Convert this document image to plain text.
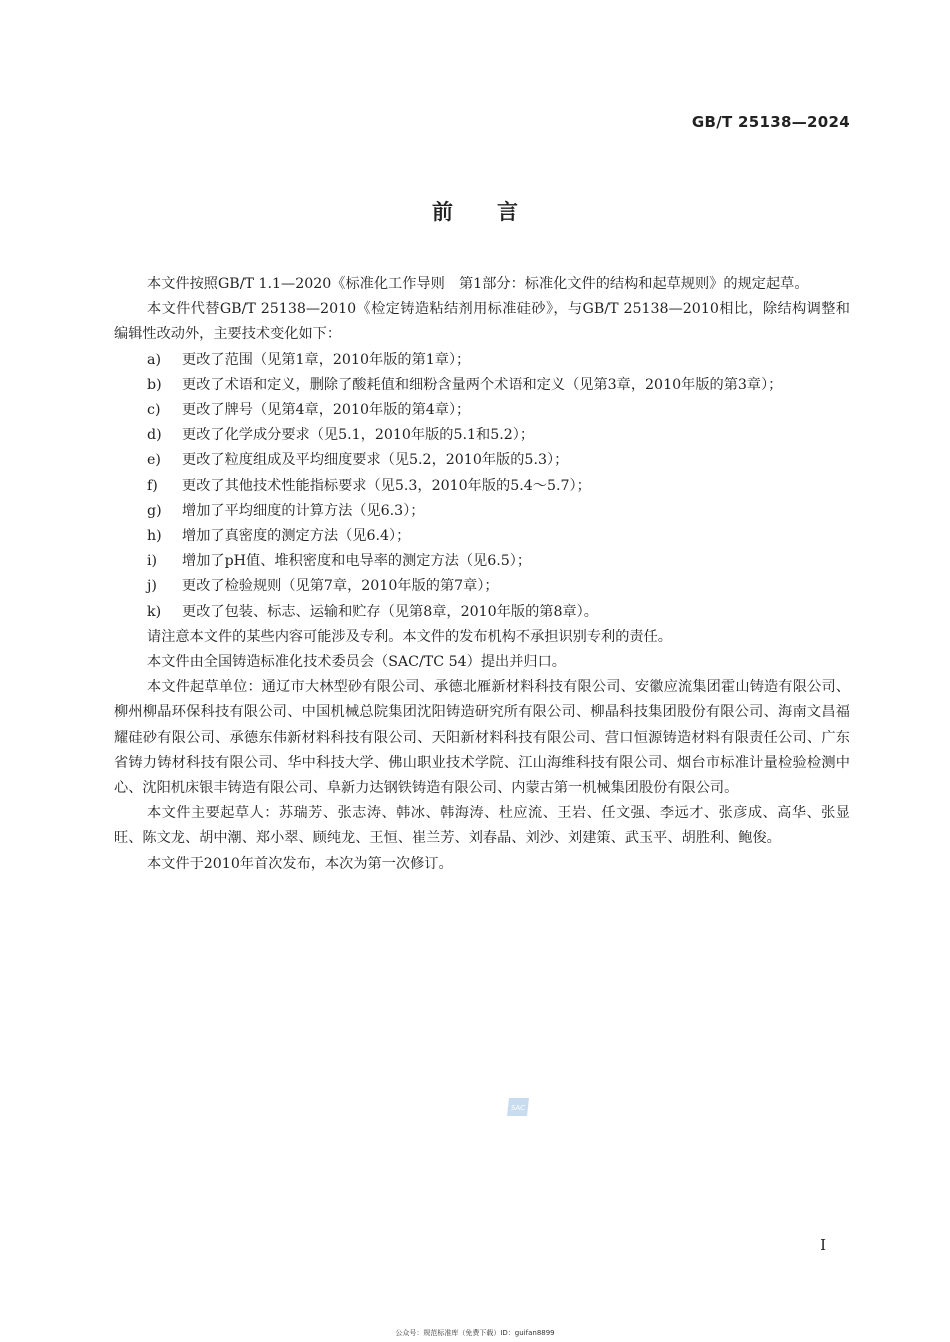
GB/T 25138—2024
前言

本文件按照GB/T 1.1—2020《标准化工作导则　第1部分：标准化文件的结构和起草规则》的规定起草。

本文件代替GB/T 25138—2010《检定铸造粘结剂用标准硅砂》，与GB/T 25138—2010相比，除结构调整和编辑性改动外，主要技术变化如下：

a)	更改了范围（见第1章，2010年版的第1章）；
b)	更改了术语和定义，删除了酸耗值和细粉含量两个术语和定义（见第3章，2010年版的第3章）；
c)	更改了牌号（见第4章，2010年版的第4章）；
d)	更改了化学成分要求（见5.1，2010年版的5.1和5.2）；
e)	更改了粒度组成及平均细度要求（见5.2，2010年版的5.3）；
f)	更改了其他技术性能指标要求（见5.3，2010年版的5.4～5.7）；
g)	增加了平均细度的计算方法（见6.3）；
h)	增加了真密度的测定方法（见6.4）；
i)	增加了pH值、堆积密度和电导率的测定方法（见6.5）；
j)	更改了检验规则（见第7章，2010年版的第7章）；
k)	更改了包装、标志、运输和贮存（见第8章，2010年版的第8章）。

请注意本文件的某些内容可能涉及专利。本文件的发布机构不承担识别专利的责任。

本文件由全国铸造标准化技术委员会（SAC/TC 54）提出并归口。

本文件起草单位：通辽市大林型砂有限公司、承德北雁新材料科技有限公司、安徽应流集团霍山铸造有限公司、柳州柳晶环保科技有限公司、中国机械总院集团沈阳铸造研究所有限公司、柳晶科技集团股份有限公司、海南文昌福耀硅砂有限公司、承德东伟新材料科技有限公司、天阳新材料科技有限公司、营口恒源铸造材料有限责任公司、广东省铸力铸材科技有限公司、华中科技大学、佛山职业技术学院、江山海维科技有限公司、烟台市标准计量检验检测中心、沈阳机床银丰铸造有限公司、阜新力达钢铁铸造有限公司、内蒙古第一机械集团股份有限公司。

本文件主要起草人：苏瑞芳、张志涛、韩冰、韩海涛、杜应流、王岩、任文强、李远才、张彦成、高华、张显旺、陈文龙、胡中潮、郑小翠、顾纯龙、王恒、崔兰芳、刘春晶、刘沙、刘建策、武玉平、胡胜利、鲍俊。

本文件于2010年首次发布，本次为第一次修订。

SAC
I
公众号：规范标准库（免费下载）ID：guifan8899
